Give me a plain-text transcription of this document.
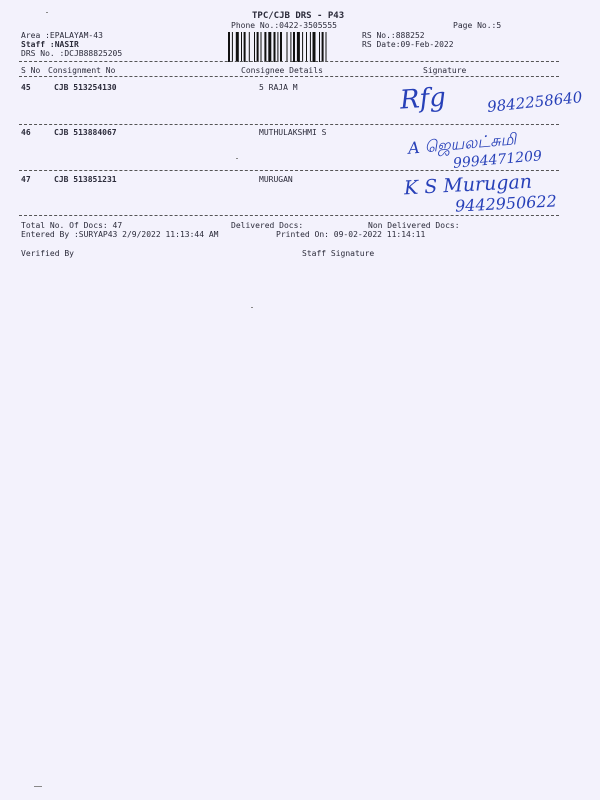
TPC/CJB DRS - P43
Phone No.:0422-3505555	Page No.:5
Area :EPALAYAM-43
Staff :NASIR
DRS No. :DCJB88825205
RS No.:888252
RS Date:09-Feb-2022
S No Consignment No	Consignee Details	Signature
45	CJB 513254130	5 RAJA M	Rfg	9842258640
46	CJB 513884067	MUTHULAKSHMI S	A ஜெயலட்சுமி
9994471209
47	CJB 513851231	MURUGAN	K S Murugan
9442950622
Total No. Of Docs: 47	Delivered Docs:	Non Delivered Docs:
Entered By :SURYAP43 2/9/2022 11:13:44 AM	Printed On: 09-02-2022 11:14:11
Verified By	Staff Signature
